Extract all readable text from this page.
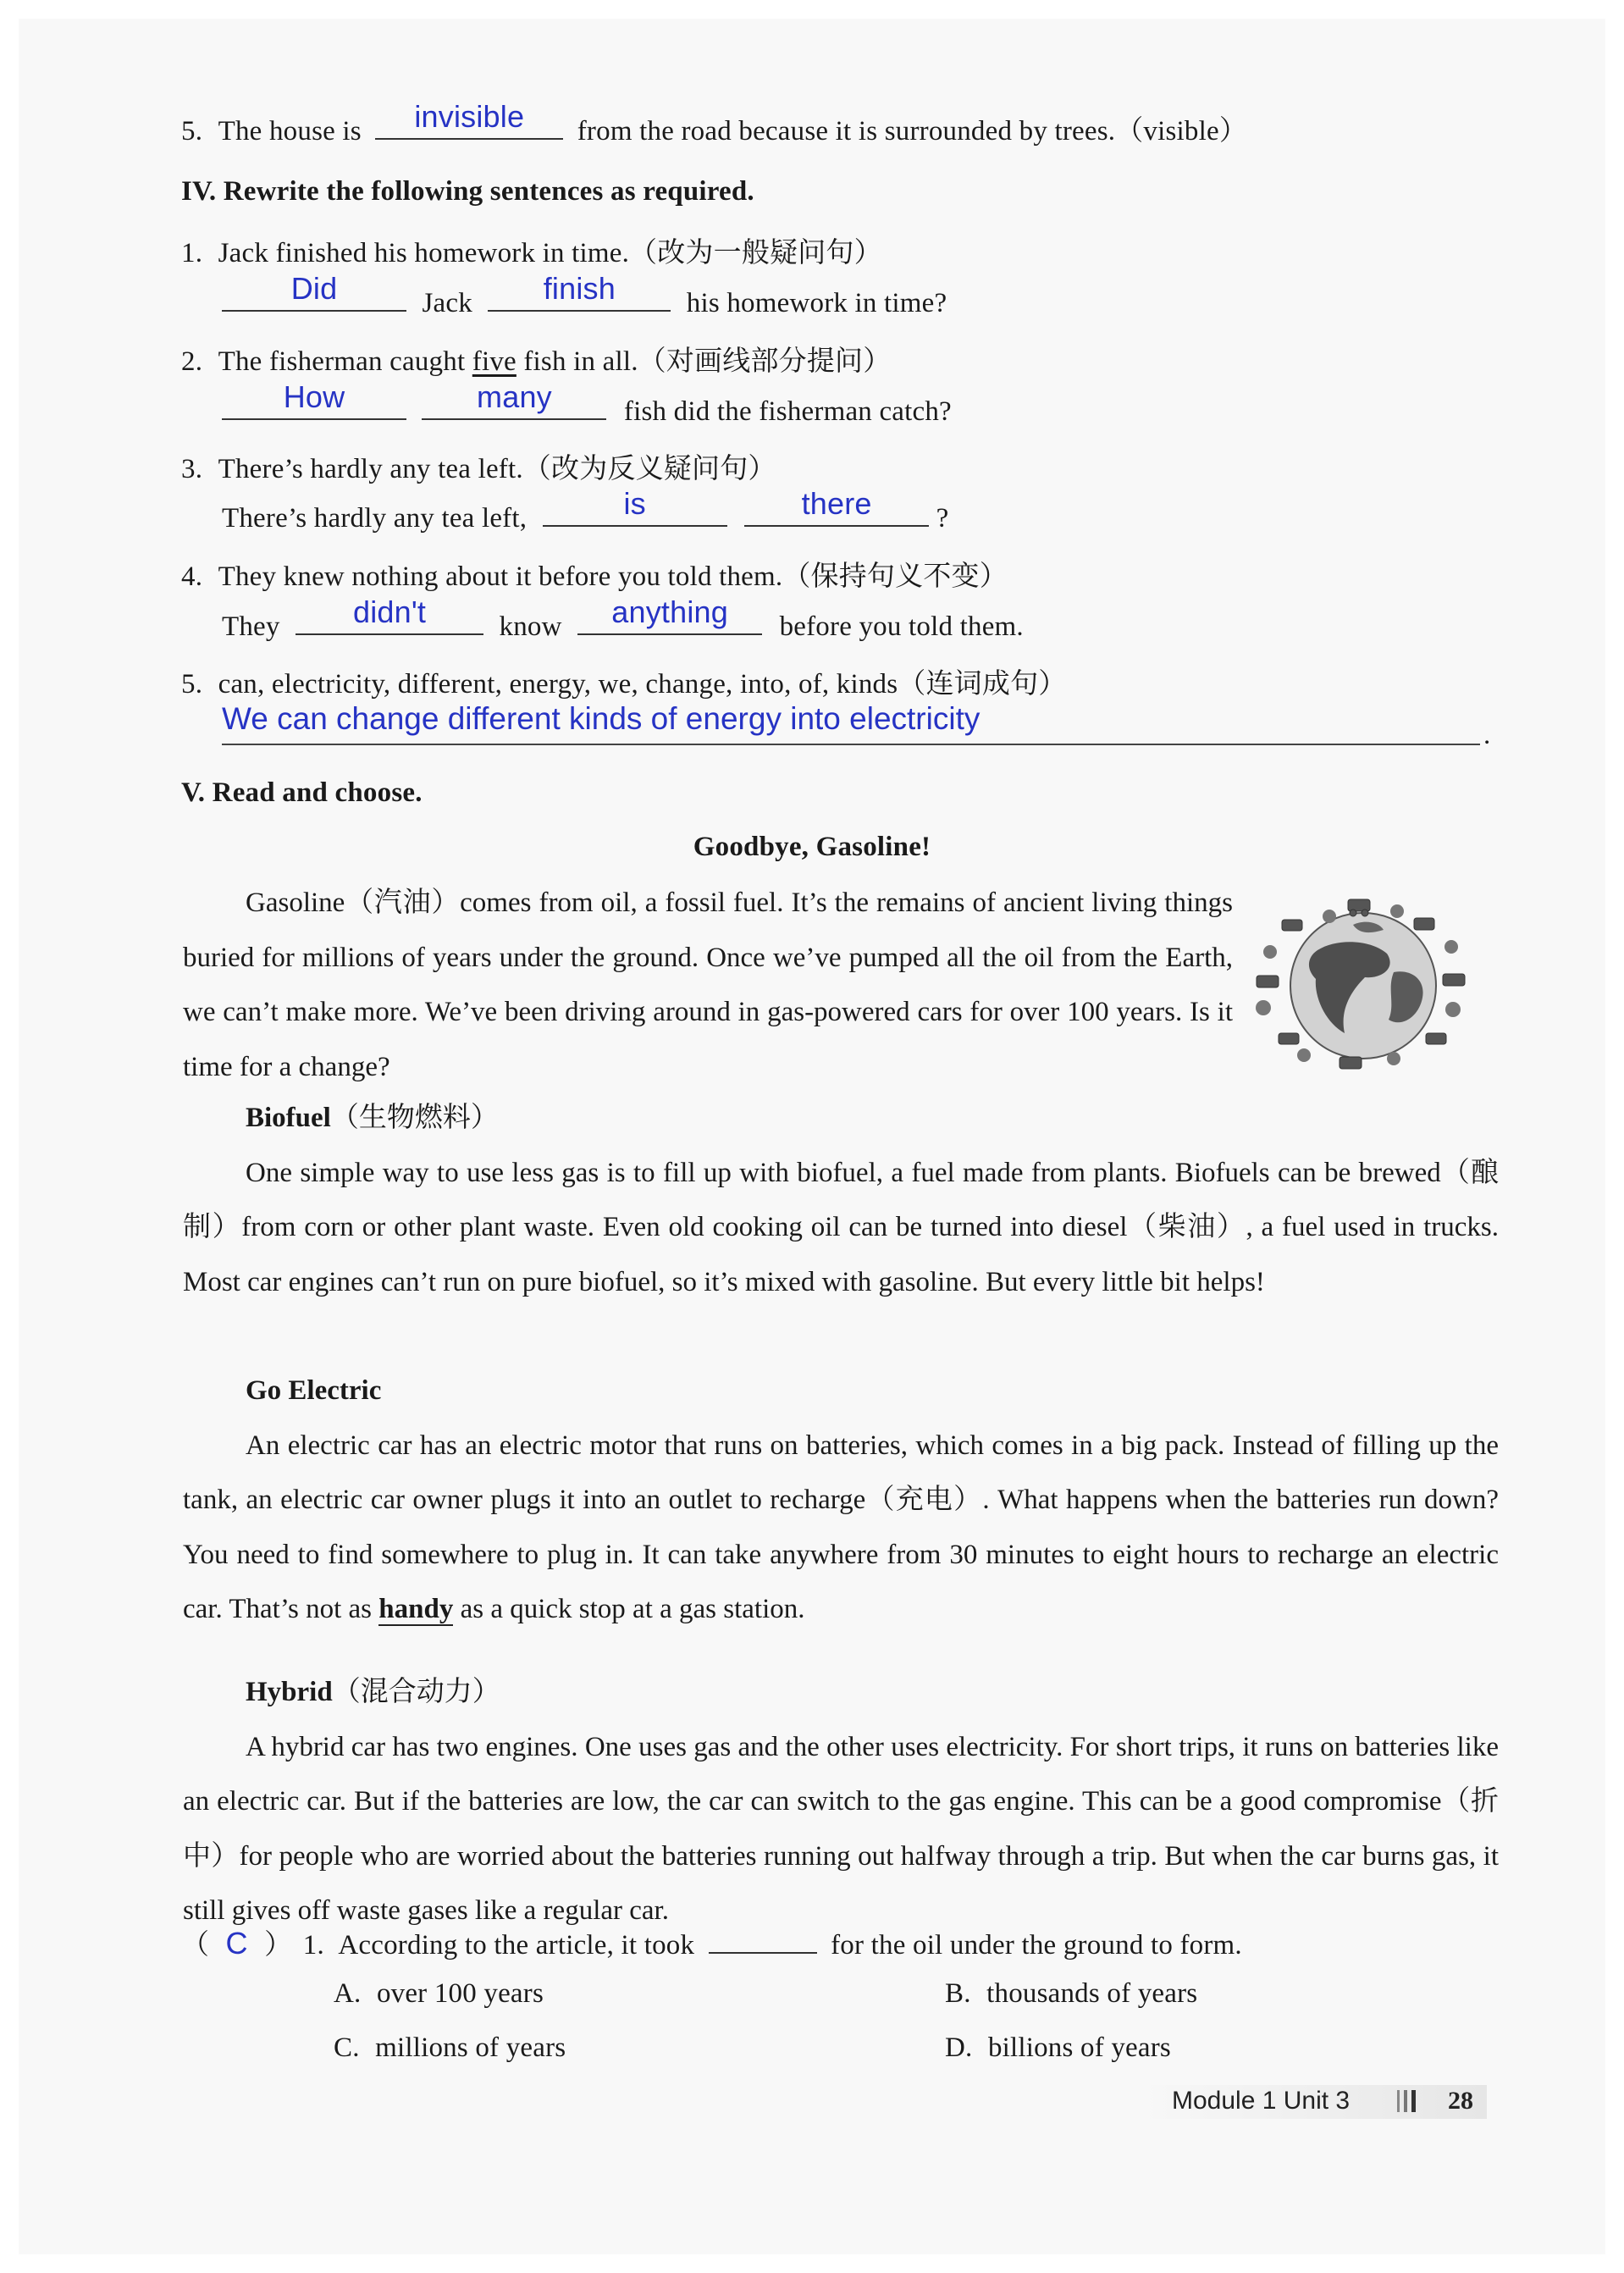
5. The house is	invisible	from the road because it is surrounded by trees.（visible）
IV. Rewrite the following sentences as required.
1. Jack finished his homework in time.（改为一般疑问句）
Did	Jack	finish	his homework in time?
2. The fisherman caught five fish in all.（对画线部分提问）
How
	many	fish did the fisherman catch?
3. There’s hardly any tea left.（改为反义疑问句）
There’s hardly any tea left,	is
	there	?
4. They knew nothing about it before you told them.（保持句义不变）
They	didn't	know	anything	before you told them.
5. can, electricity, different, energy, we, change, into, of, kinds（连词成句）
We can change different kinds of energy into electricity	.
V. Read and choose.
Goodbye, Gasoline!

Gasoline（汽油）comes from oil, a fossil fuel. It’s the remains of ancient living things buried for millions of years under the ground. Once we’ve pumped all the oil from the Earth, we can’t make more. We’ve been driving around in gas-powered cars for over 100 years. Is it time for a change?

Biofuel（生物燃料）

One simple way to use less gas is to fill up with biofuel, a fuel made from plants. Biofuels can be brewed（酿制）from corn or other plant waste. Even old cooking oil can be turned into diesel（柴油）, a fuel used in trucks. Most car engines can’t run on pure biofuel, so it’s mixed with gasoline. But every little bit helps!

Go Electric

An electric car has an electric motor that runs on batteries, which comes in a big pack. Instead of filling up the tank, an electric car owner plugs it into an outlet to recharge（充电）. What happens when the batteries run down? You need to find somewhere to plug in. It can take anywhere from 30 minutes to eight hours to recharge an electric car. That’s not as handy as a quick stop at a gas station.

Hybrid（混合动力）

A hybrid car has two engines. One uses gas and the other uses electricity. For short trips, it runs on batteries like an electric car. But if the batteries are low, the car can switch to the gas engine. This can be a good compromise（折中）for people who are worried about the batteries running out halfway through a trip. But when the car burns gas, it still gives off waste gases like a regular car.

（ C ） 1. According to the article, it took	for the oil under the ground to form.
A. over 100 years	B. thousands of years
C. millions of years	D. billions of years
Module 1 Unit 3	28
